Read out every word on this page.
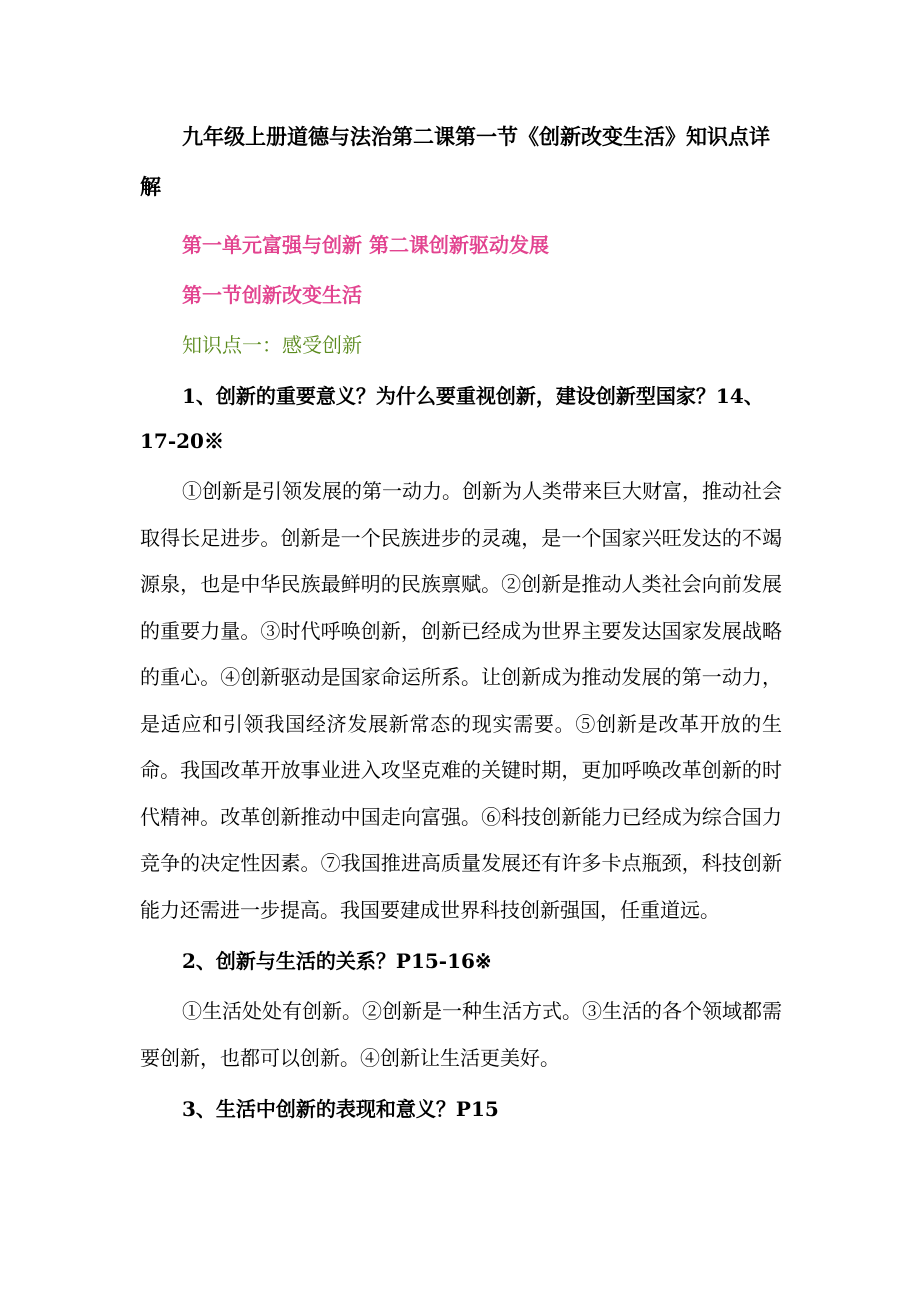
九年级上册道德与法治第二课第一节《创新改变生活》知识点详解
第一单元富强与创新 第二课创新驱动发展
第一节创新改变生活
知识点一：感受创新
1、创新的重要意义？为什么要重视创新，建设创新型国家？14、17-20※
①创新是引领发展的第一动力。创新为人类带来巨大财富，推动社会取得长足进步。创新是一个民族进步的灵魂，是一个国家兴旺发达的不竭源泉，也是中华民族最鲜明的民族禀赋。②创新是推动人类社会向前发展的重要力量。③时代呼唤创新，创新已经成为世界主要发达国家发展战略的重心。④创新驱动是国家命运所系。让创新成为推动发展的第一动力，是适应和引领我国经济发展新常态的现实需要。⑤创新是改革开放的生命。我国改革开放事业进入攻坚克难的关键时期，更加呼唤改革创新的时代精神。改革创新推动中国走向富强。⑥科技创新能力已经成为综合国力竞争的决定性因素。⑦我国推进高质量发展还有许多卡点瓶颈，科技创新能力还需进一步提高。我国要建成世界科技创新强国，任重道远。
2、创新与生活的关系？P15-16※
①生活处处有创新。②创新是一种生活方式。③生活的各个领域都需要创新，也都可以创新。④创新让生活更美好。
3、生活中创新的表现和意义？P15
